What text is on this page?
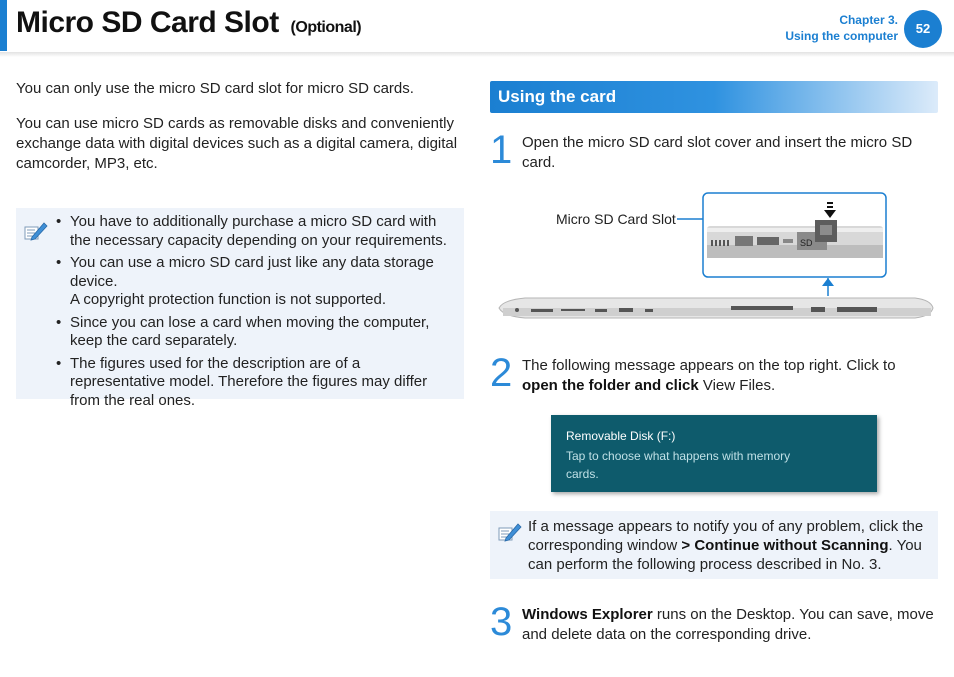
Micro SD Card Slot (Optional)	Chapter 3.
Using the computer	52
You can only use the micro SD card slot for micro SD cards.
You can use micro SD cards as removable disks and conveniently exchange data with digital devices such as a digital camera, digital camcorder, MP3, etc.
• You have to additionally purchase a micro SD card with the necessary capacity depending on your requirements.
• You can use a micro SD card just like any data storage device.
A copyright protection function is not supported.
• Since you can lose a card when moving the computer, keep the card separately.
• The figures used for the description are of a representative model. Therefore the figures may differ from the real ones.
Using the card
1 Open the micro SD card slot cover and insert the micro SD card.
Micro SD Card Slot
SD
2 The following message appears on the top right. Click to open the folder and click View Files.
Removable Disk (F:)
Tap to choose what happens with memory cards.
If a message appears to notify you of any problem, click the corresponding window > Continue without Scanning. You can perform the following process described in No. 3.
3 Windows Explorer runs on the Desktop. You can save, move and delete data on the corresponding drive.
